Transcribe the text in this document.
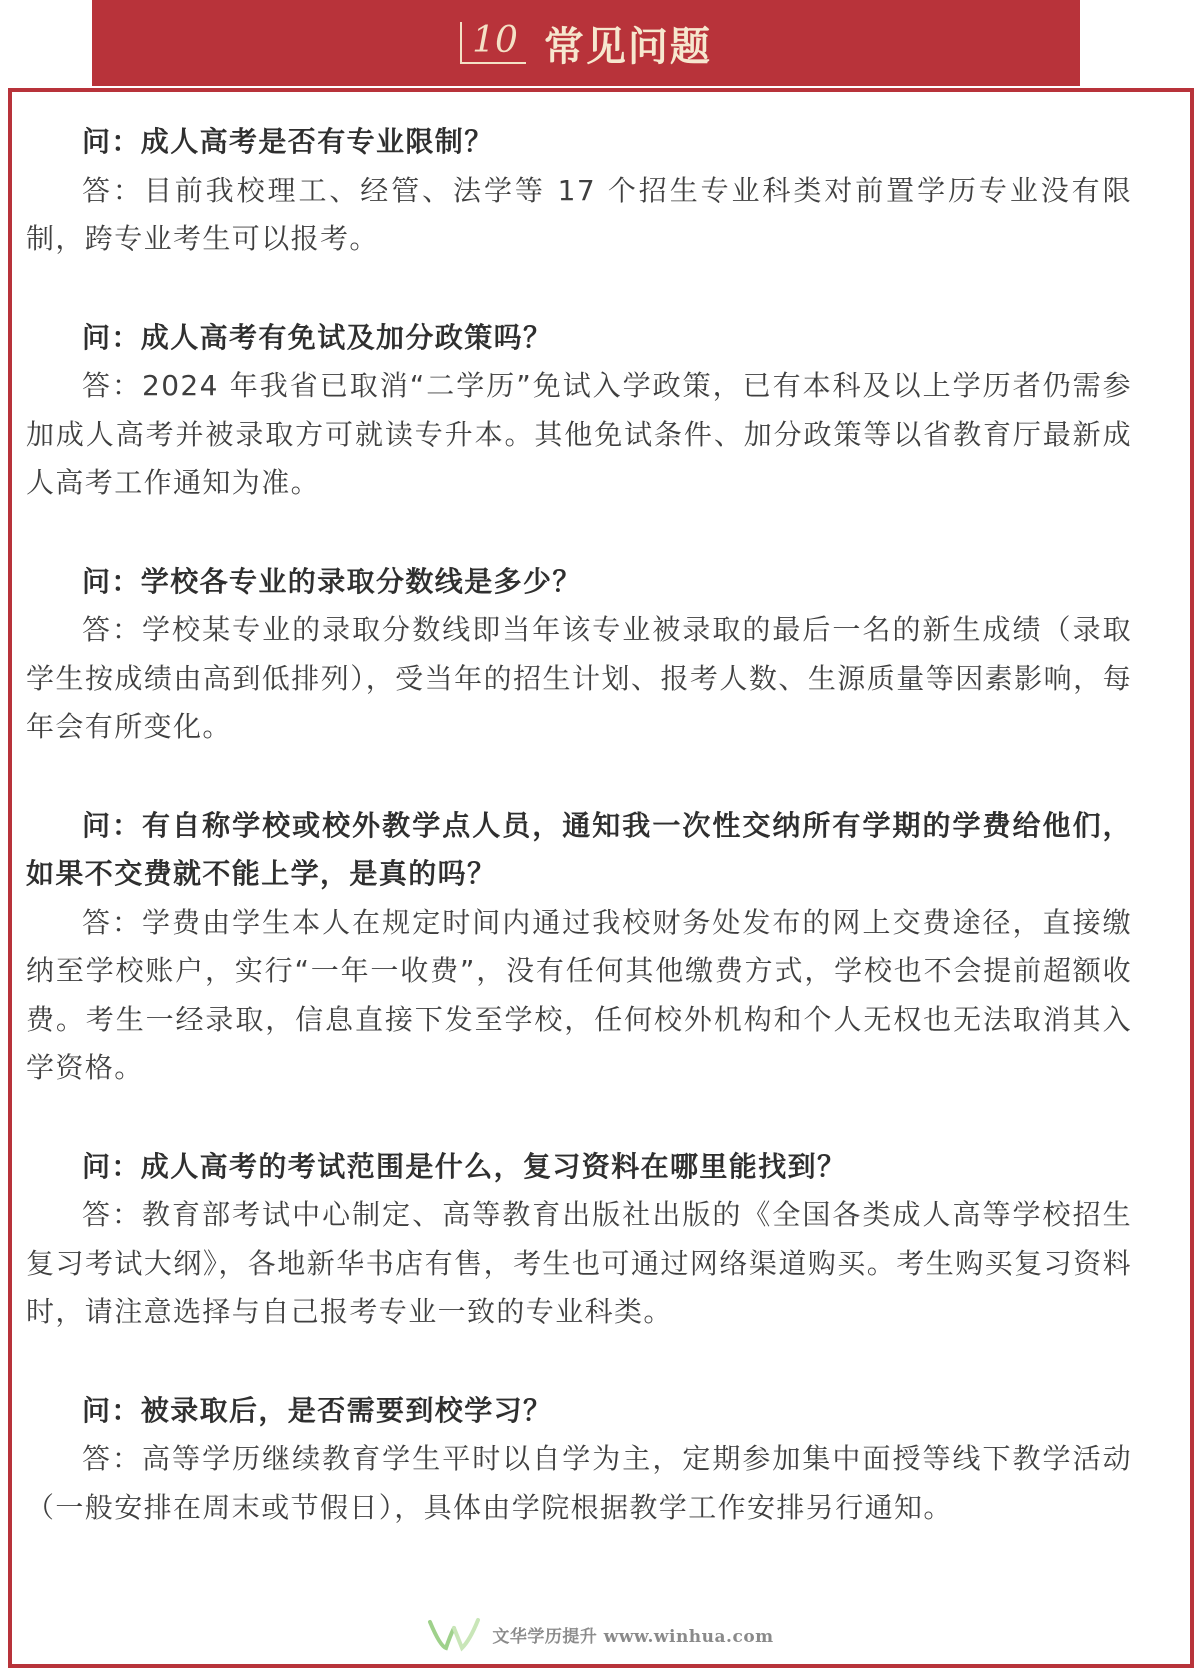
10 常见问题

问：成人高考是否有专业限制？

答：目前我校理工、经管、法学等 17 个招生专业科类对前置学历专业没有限制，跨专业考生可以报考。

问：成人高考有免试及加分政策吗？

答：2024 年我省已取消“二学历”免试入学政策，已有本科及以上学历者仍需参加成人高考并被录取方可就读专升本。其他免试条件、加分政策等以省教育厅最新成人高考工作通知为准。

问：学校各专业的录取分数线是多少？

答：学校某专业的录取分数线即当年该专业被录取的最后一名的新生成绩（录取学生按成绩由高到低排列），受当年的招生计划、报考人数、生源质量等因素影响，每年会有所变化。

问：有自称学校或校外教学点人员，通知我一次性交纳所有学期的学费给他们，如果不交费就不能上学，是真的吗？

答：学费由学生本人在规定时间内通过我校财务处发布的网上交费途径，直接缴纳至学校账户，实行“一年一收费”，没有任何其他缴费方式，学校也不会提前超额收费。考生一经录取，信息直接下发至学校，任何校外机构和个人无权也无法取消其入学资格。

问：成人高考的考试范围是什么，复习资料在哪里能找到？

答：教育部考试中心制定、高等教育出版社出版的《全国各类成人高等学校招生复习考试大纲》，各地新华书店有售，考生也可通过网络渠道购买。考生购买复习资料时，请注意选择与自己报考专业一致的专业科类。

问：被录取后，是否需要到校学习？

答：高等学历继续教育学生平时以自学为主，定期参加集中面授等线下教学活动（一般安排在周末或节假日），具体由学院根据教学工作安排另行通知。

文华学历提升 www.winhua.com
